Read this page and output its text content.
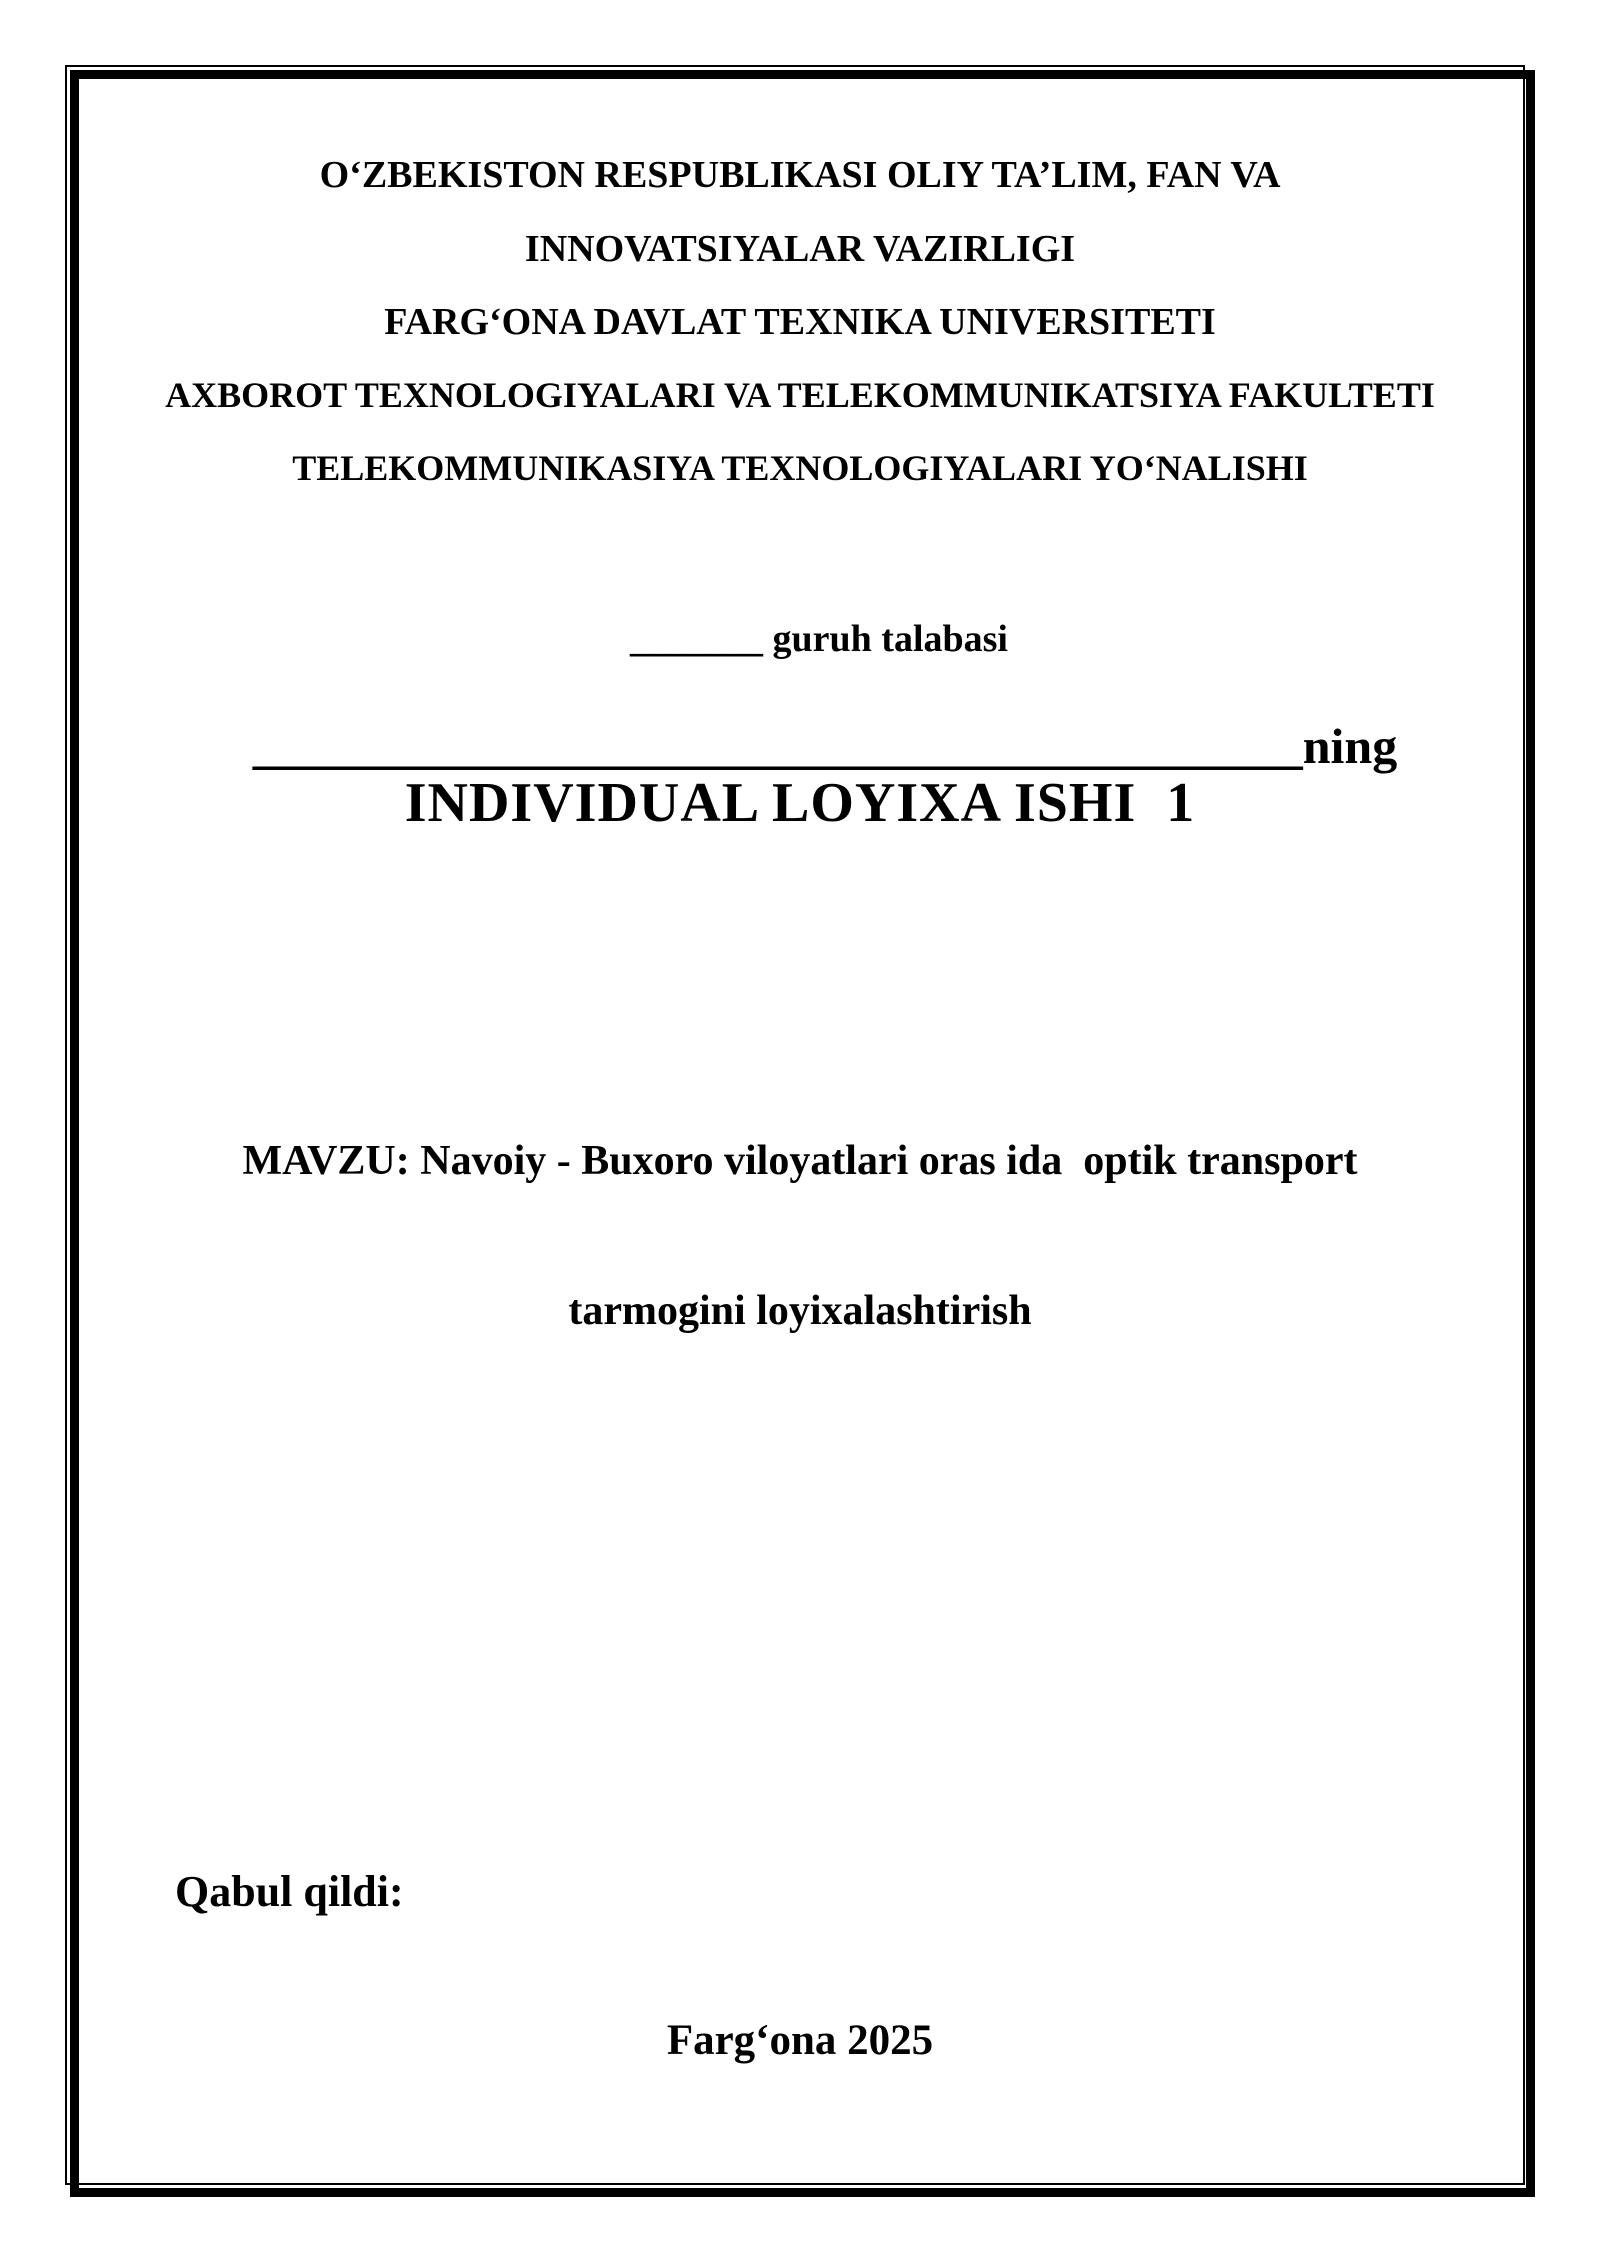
O‘ZBEKISTON RESPUBLIKASI OLIY TA’LIM, FAN VA
INNOVATSIYALAR VAZIRLIGI
FARG‘ONA DAVLAT TEXNIKA UNIVERSITETI
AXBOROT TEXNOLOGIYALARI VA TELEKOMMUNIKATSIYA FAKULTETI
TELEKOMMUNIKASIYA TEXNOLOGIYALARI YO‘NALISHI

_______ guruh talabasi

__________________________________________ning

INDIVIDUAL LOYIXA ISHI  1

MAVZU: Navoiy - Buxoro viloyatlari oras ida  optik transport

tarmogini loyixalashtirish

Qabul qildi:
Farg‘ona 2025
